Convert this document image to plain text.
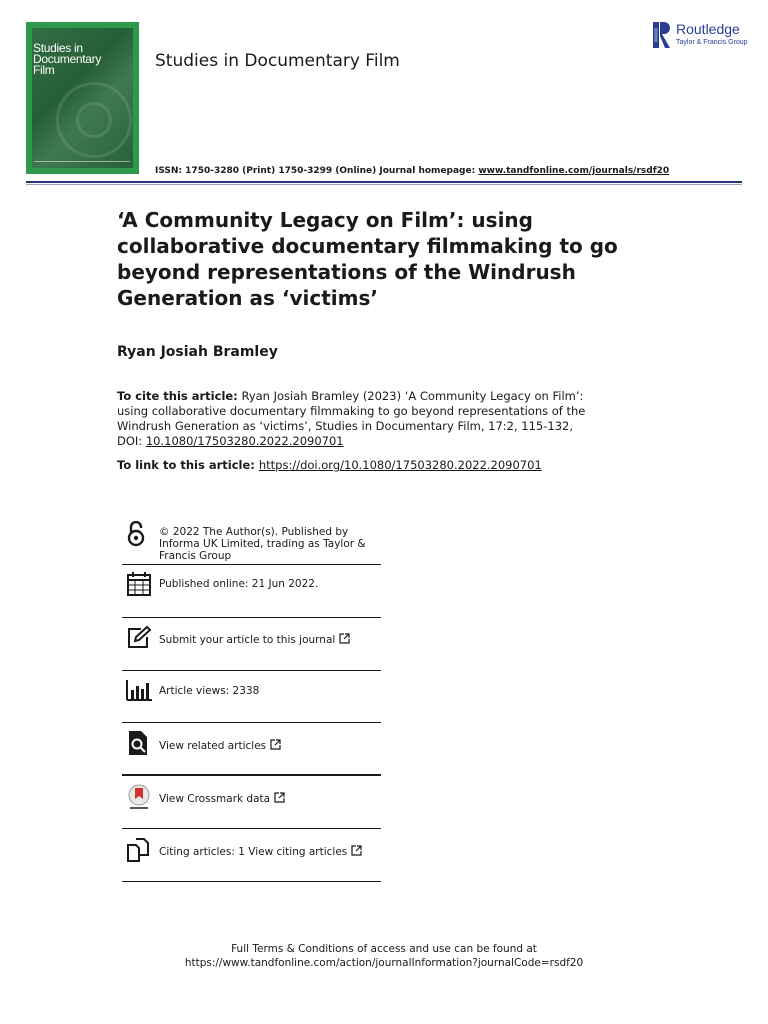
Studies in
Documentary
Film	Studies in Documentary Film
Routledge
Taylor & Francis Group
ISSN: 1750-3280 (Print) 1750-3299 (Online) Journal homepage: www.tandfonline.com/journals/rsdf20
‘A Community Legacy on Film’: using collaborative documentary filmmaking to go beyond representations of the Windrush Generation as ‘victims’
Ryan Josiah Bramley
To cite this article: Ryan Josiah Bramley (2023) ‘A Community Legacy on Film’: using collaborative documentary filmmaking to go beyond representations of the Windrush Generation as ‘victims’, Studies in Documentary Film, 17:2, 115-132, DOI: 10.1080/17503280.2022.2090701
To link to this article: https://doi.org/10.1080/17503280.2022.2090701
© 2022 The Author(s). Published by Informa UK Limited, trading as Taylor & Francis Group
Published online: 21 Jun 2022.
Submit your article to this journal
Article views: 2338
View related articles
View Crossmark data
Citing articles: 1 View citing articles
Full Terms & Conditions of access and use can be found at
https://www.tandfonline.com/action/journalInformation?journalCode=rsdf20
